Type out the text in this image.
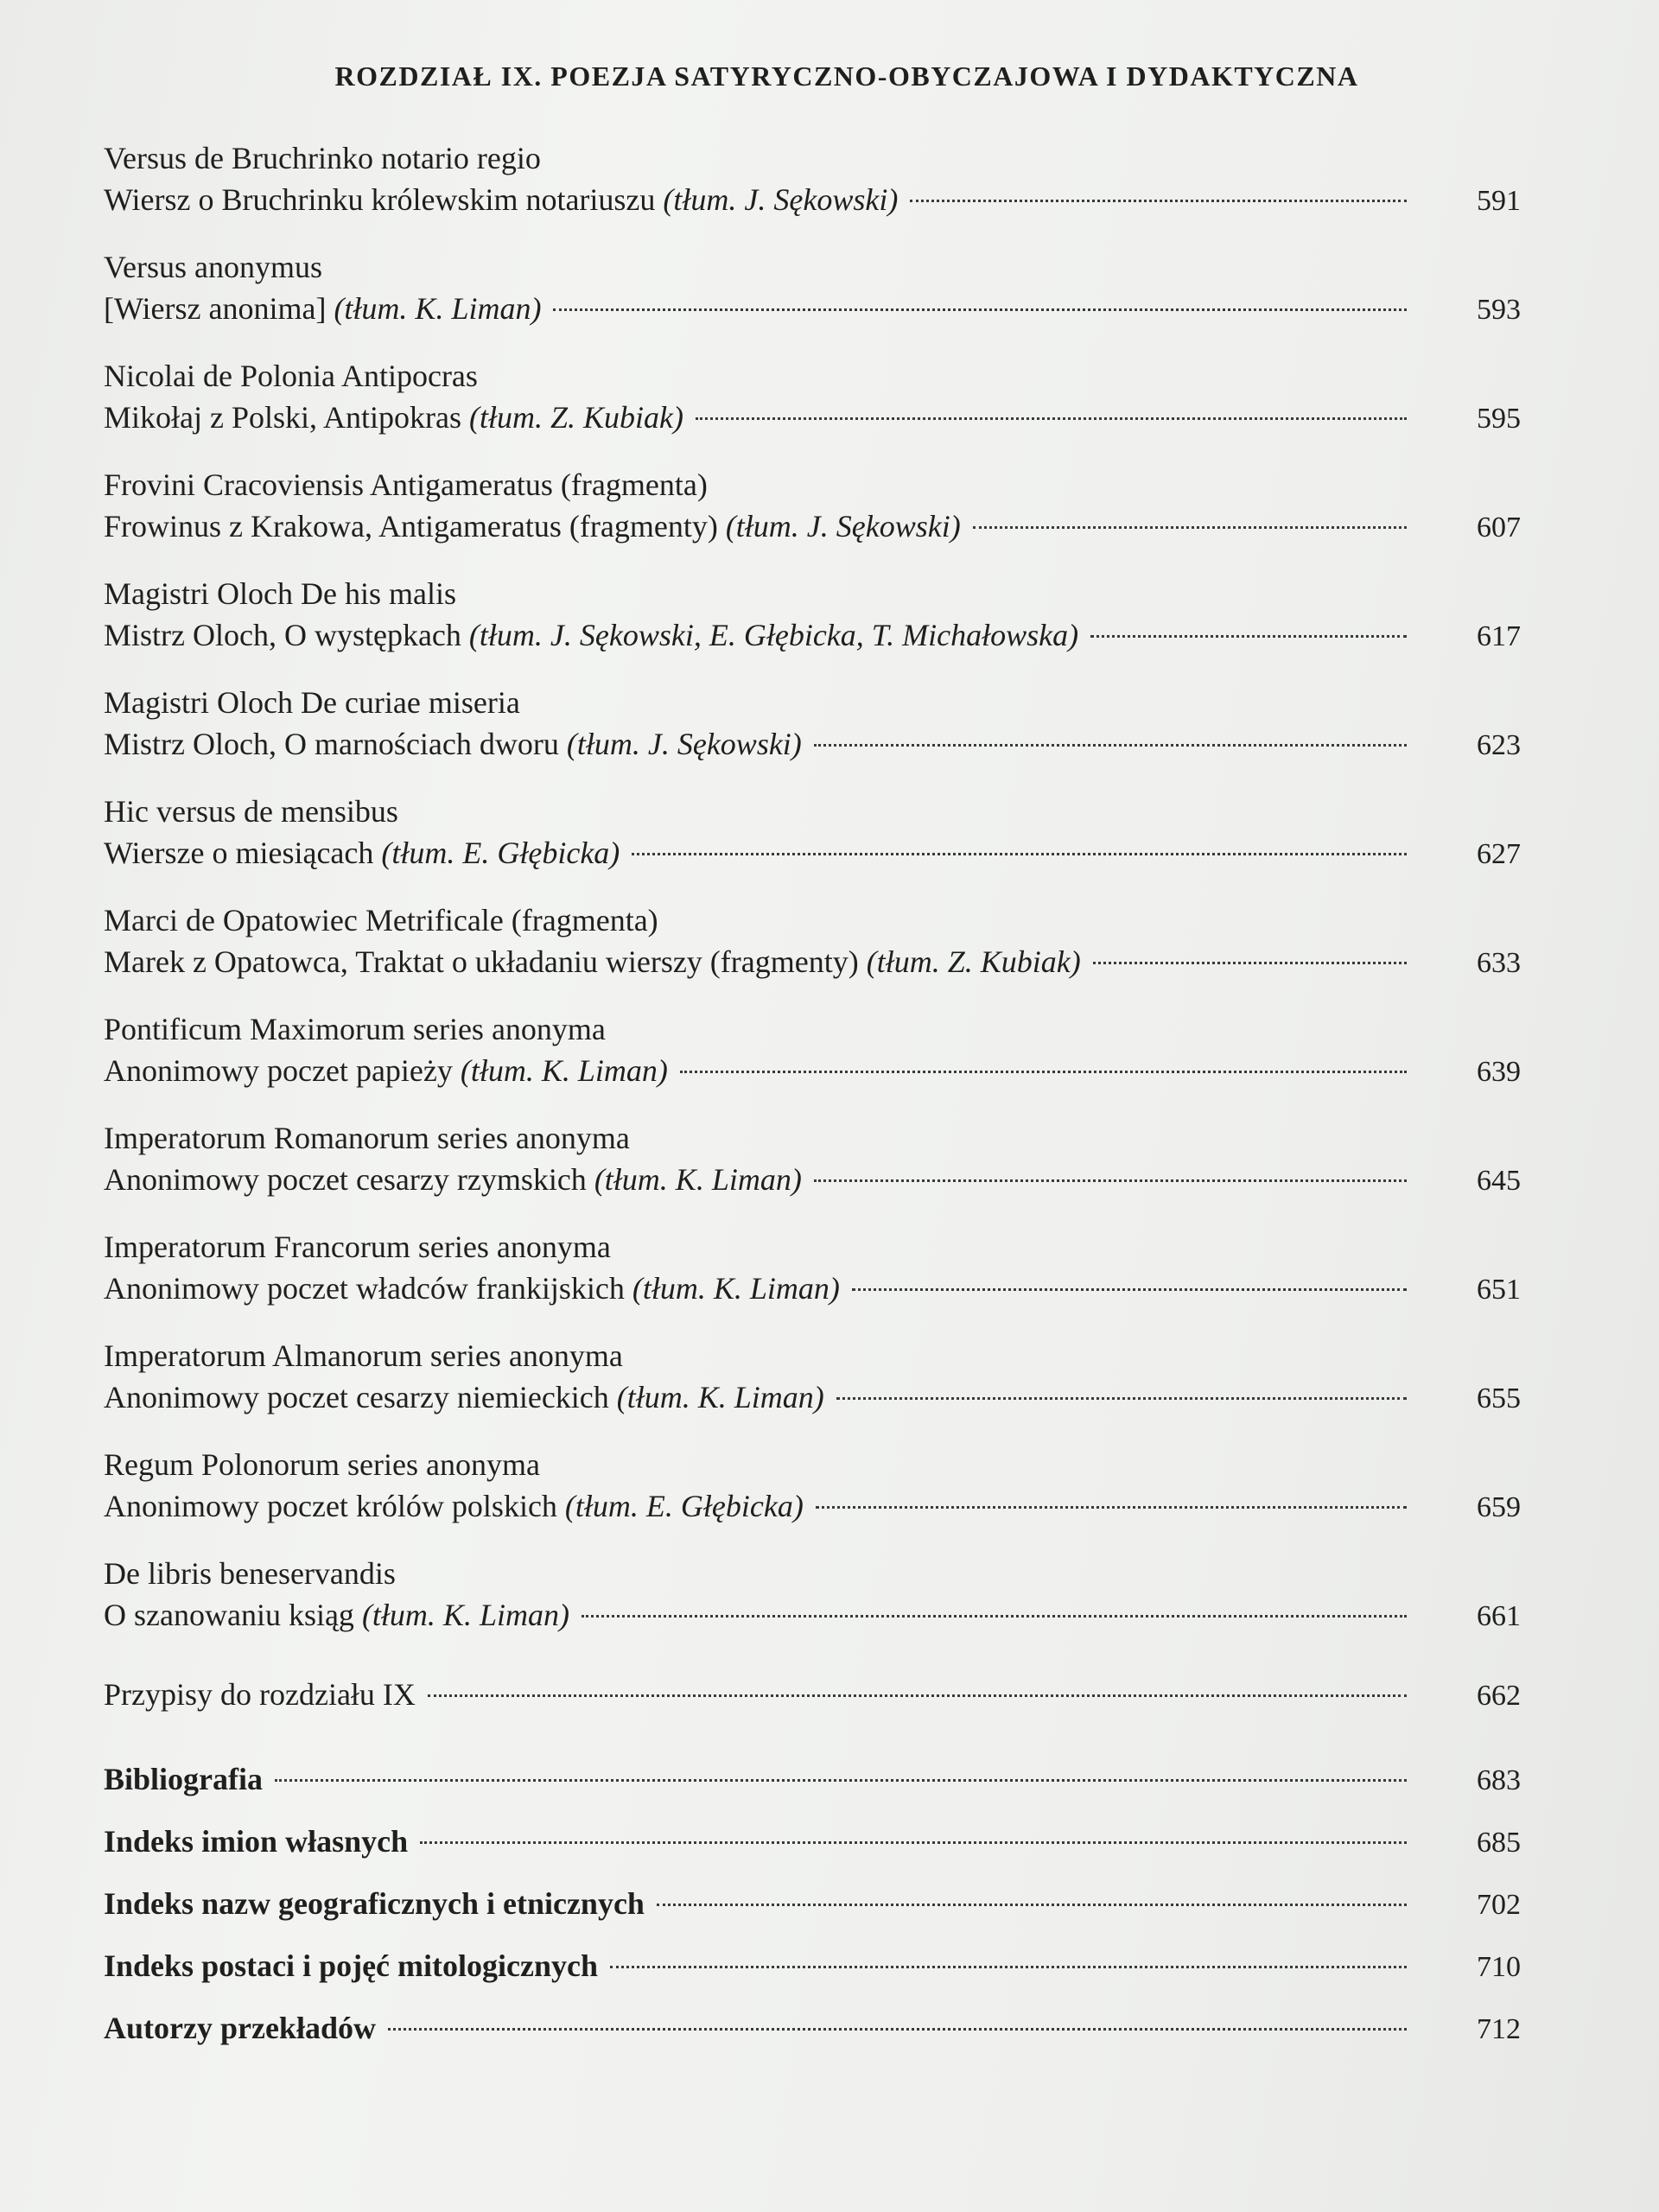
ROZDZIAŁ IX. POEZJA SATYRYCZNO-OBYCZAJOWA I DYDAKTYCZNA
Versus de Bruchrinko notario regio
Wiersz o Bruchrinku królewskim notariuszu (tłum. J. Sękowski)	591
Versus anonymus
[Wiersz anonima] (tłum. K. Liman)	593
Nicolai de Polonia Antipocras
Mikołaj z Polski, Antipokras (tłum. Z. Kubiak)	595
Frovini Cracoviensis Antigameratus (fragmenta)
Frowinus z Krakowa, Antigameratus (fragmenty) (tłum. J. Sękowski)	607
Magistri Oloch De his malis
Mistrz Oloch, O występkach (tłum. J. Sękowski, E. Głębicka, T. Michałowska)	617
Magistri Oloch De curiae miseria
Mistrz Oloch, O marnościach dworu (tłum. J. Sękowski)	623
Hic versus de mensibus
Wiersze o miesiącach (tłum. E. Głębicka)	627
Marci de Opatowiec Metrificale (fragmenta)
Marek z Opatowca, Traktat o układaniu wierszy (fragmenty) (tłum. Z. Kubiak)	633
Pontificum Maximorum series anonyma
Anonimowy poczet papieży (tłum. K. Liman)	639
Imperatorum Romanorum series anonyma
Anonimowy poczet cesarzy rzymskich (tłum. K. Liman)	645
Imperatorum Francorum series anonyma
Anonimowy poczet władców frankijskich (tłum. K. Liman)	651
Imperatorum Almanorum series anonyma
Anonimowy poczet cesarzy niemieckich (tłum. K. Liman)	655
Regum Polonorum series anonyma
Anonimowy poczet królów polskich (tłum. E. Głębicka)	659
De libris beneservandis
O szanowaniu ksiąg (tłum. K. Liman)	661
Przypisy do rozdziału IX	662
Bibliografia	683
Indeks imion własnych	685
Indeks nazw geograficznych i etnicznych	702
Indeks postaci i pojęć mitologicznych	710
Autorzy przekładów	712
